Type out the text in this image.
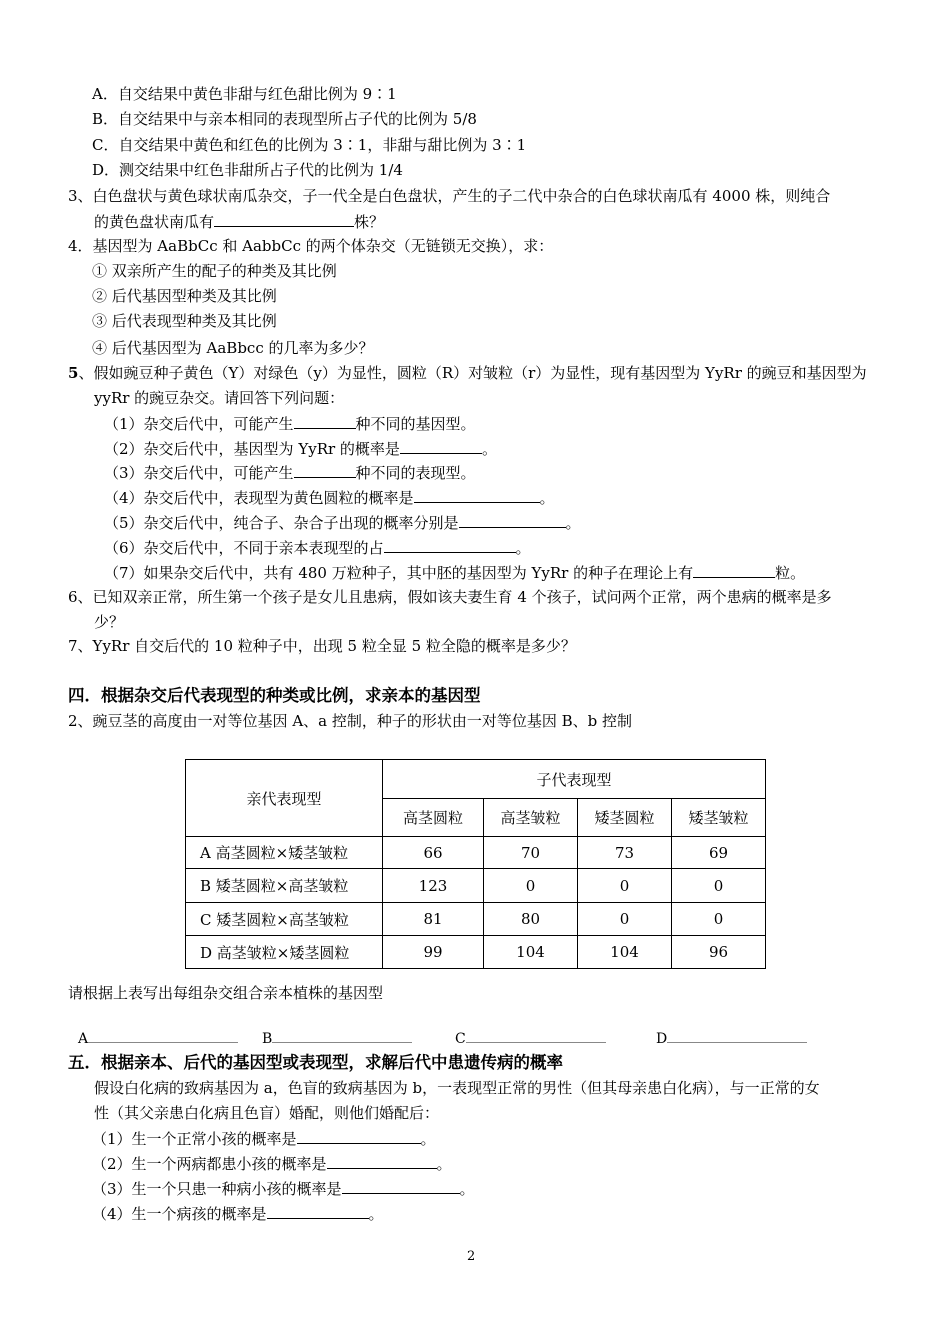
A．自交结果中黄色非甜与红色甜比例为 9∶1
B．自交结果中与亲本相同的表现型所占子代的比例为 5/8
C．自交结果中黄色和红色的比例为 3∶1，非甜与甜比例为 3∶1
D．测交结果中红色非甜所占子代的比例为 1/4
3、白色盘状与黄色球状南瓜杂交，子一代全是白色盘状，产生的子二代中杂合的白色球状南瓜有 4000 株，则纯合
的黄色盘状南瓜有	株？
4．基因型为 AaBbCc 和 AabbCc 的两个体杂交（无链锁无交换），求：
① 双亲所产生的配子的种类及其比例
② 后代基因型种类及其比例
③ 后代表现型种类及其比例
④ 后代基因型为 AaBbcc 的几率为多少？
5、假如豌豆种子黄色（Y）对绿色（y）为显性，圆粒（R）对皱粒（r）为显性，现有基因型为 YyRr 的豌豆和基因型为
yyRr 的豌豆杂交。请回答下列问题：
（1）杂交后代中，可能产生	种不同的基因型。
（2）杂交后代中，基因型为 YyRr 的概率是	。
（3）杂交后代中，可能产生	种不同的表现型。
（4）杂交后代中，表现型为黄色圆粒的概率是	。
（5）杂交后代中，纯合子、杂合子出现的概率分别是	。
（6）杂交后代中，不同于亲本表现型的占	。
（7）如果杂交后代中，共有 480 万粒种子，其中胚的基因型为 YyRr 的种子在理论上有	粒。
6、已知双亲正常，所生第一个孩子是女儿且患病，假如该夫妻生育 4 个孩子，试问两个正常，两个患病的概率是多
少？
7、YyRr 自交后代的 10 粒种子中，出现 5 粒全显 5 粒全隐的概率是多少？
四．根据杂交后代表现型的种类或比例，求亲本的基因型
2、豌豆茎的高度由一对等位基因 A、a 控制，种子的形状由一对等位基因 B、b 控制
亲代表现型	子代表现型			
	高茎圆粒	高茎皱粒	矮茎圆粒	矮茎皱粒
A 高茎圆粒×矮茎皱粒	66	70	73	69
B 矮茎圆粒×高茎皱粒	123	0	0	0
C 矮茎圆粒×高茎皱粒	81	80	0	0
D 高茎皱粒×矮茎圆粒	99	104	104	96
请根据上表写出每组杂交组合亲本植株的基因型
A	B	C	D
五．根据亲本、后代的基因型或表现型，求解后代中患遗传病的概率
假设白化病的致病基因为 a，色盲的致病基因为 b，一表现型正常的男性（但其母亲患白化病），与一正常的女
性（其父亲患白化病且色盲）婚配，则他们婚配后：
（1）生一个正常小孩的概率是	。
（2）生一个两病都患小孩的概率是	。
（3）生一个只患一种病小孩的概率是	。
（4）生一个病孩的概率是	。
2
